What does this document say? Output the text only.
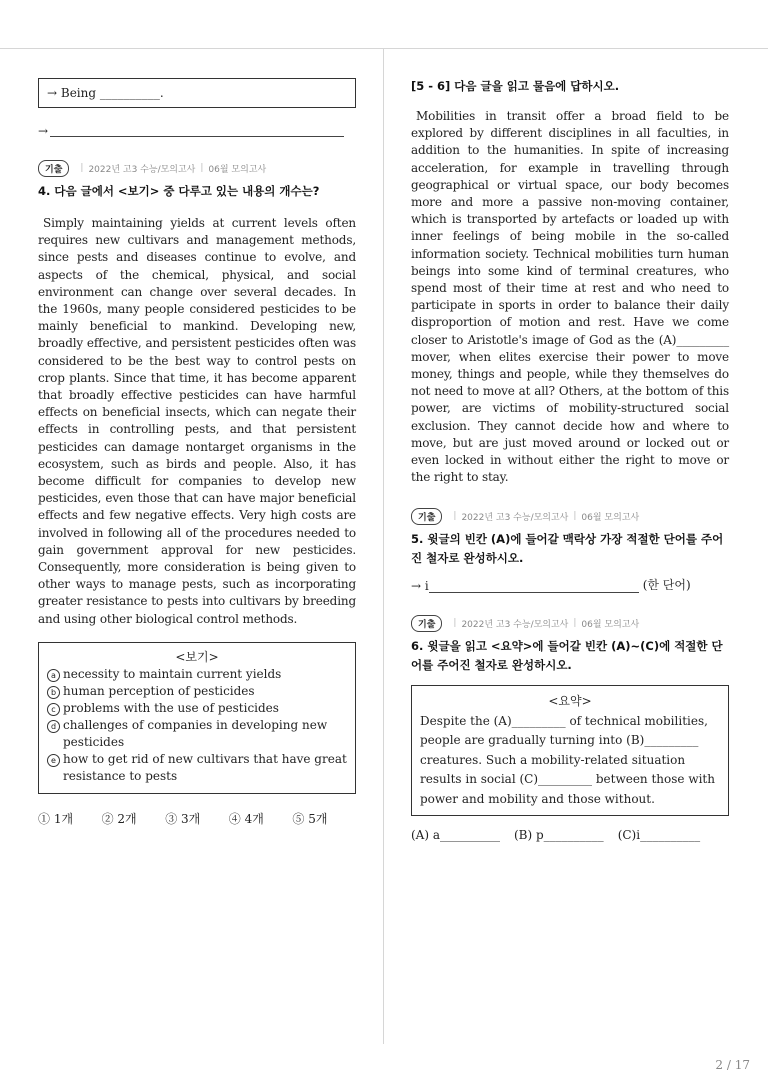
→ Being __________.
→
기출	| 2022년 고3 수능/모의고사 | 06월 모의고사
4. 다음 글에서 <보기> 중 다루고 있는 내용의 개수는?

Simply maintaining yields at current levels often requires new cultivars and management methods, since pests and diseases continue to evolve, and aspects of the chemical, physical, and social environment can change over several decades. In the 1960s, many people considered pesticides to be mainly beneficial to mankind. Developing new, broadly effective, and persistent pesticides often was considered to be the best way to control pests on crop plants. Since that time, it has become apparent that broadly effective pesticides can have harmful effects on beneficial insects, which can negate their effects in controlling pests, and that persistent pesticides can damage nontarget organisms in the ecosystem, such as birds and people. Also, it has become difficult for companies to develop new pesticides, even those that can have major beneficial effects and few negative effects. Very high costs are involved in following all of the procedures needed to gain government approval for new pesticides. Consequently, more consideration is being given to other ways to manage pests, such as incorporating greater resistance to pests into cultivars by breeding and using other biological control methods.

<보기>
a necessity to maintain current yields
b human perception of pesticides
c problems with the use of pesticides
d challenges of companies in developing new pesticides
e how to get rid of new cultivars that have great resistance to pests
① 1개	② 2개	③ 3개	④ 4개	⑤ 5개
[5 - 6] 다음 글을 읽고 물음에 답하시오.

Mobilities in transit offer a broad field to be explored by different disciplines in all faculties, in addition to the humanities. In spite of increasing acceleration, for example in travelling through geographical or virtual space, our body becomes more and more a passive non-moving container, which is transported by artefacts or loaded up with inner feelings of being mobile in the so-called information society. Technical mobilities turn human beings into some kind of terminal creatures, who spend most of their time at rest and who need to participate in sports in order to balance their daily disproportion of motion and rest. Have we come closer to Aristotle's image of God as the (A)_________ mover, when elites exercise their power to move money, things and people, while they themselves do not need to move at all? Others, at the bottom of this power, are victims of mobility-structured social exclusion. They cannot decide how and where to move, but are just moved around or locked out or even locked in without either the right to move or the right to stay.

기출	| 2022년 고3 수능/모의고사 | 06월 모의고사
5. 윗글의 빈칸 (A)에 들어갈 맥락상 가장 적절한 단어를 주어진 철자로 완성하시오.
→ i	(한 단어)
기출	| 2022년 고3 수능/모의고사 | 06월 모의고사
6. 윗글을 읽고 <요약>에 들어갈 빈칸 (A)~(C)에 적절한 단어를 주어진 철자로 완성하시오.
<요약>
Despite the (A)_________ of technical mobilities, people are gradually turning into (B)_________ creatures. Such a mobility-related situation results in social (C)_________ between those with power and mobility and those without.
(A) a__________ (B) p__________ (C)i__________
2 / 17
